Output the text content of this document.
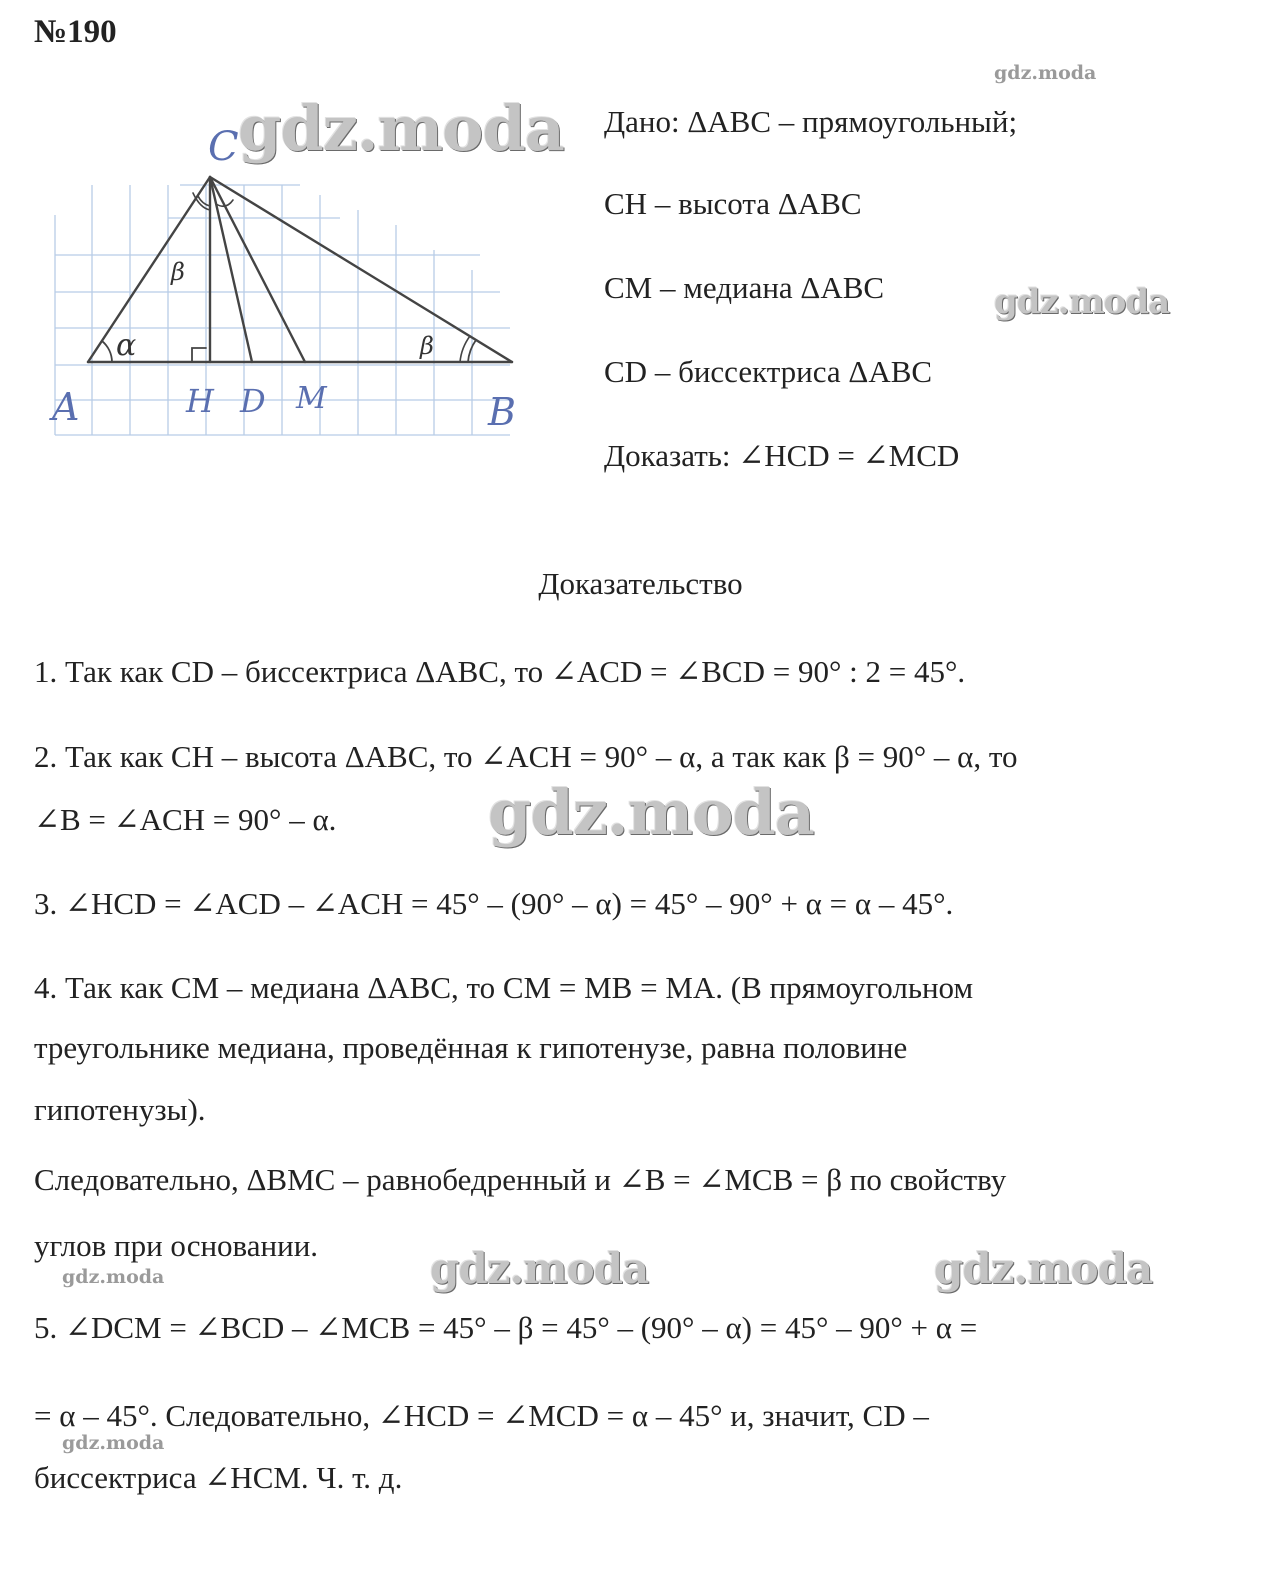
№190
C
A	H D M	B
α
β
β
Дано: ΔABC – прямоугольный;
CH – высота ΔABC
CM – медиана ΔABC
CD – биссектриса ΔABC
Доказать: ∠HCD = ∠MCD
Доказательство
1. Так как CD – биссектриса ΔABC, то ∠ACD = ∠BCD = 90° : 2 = 45°.
2. Так как CH – высота ΔABC, то ∠ACH = 90° – α, а так как β = 90° – α, то
∠B = ∠ACH = 90° – α.
3. ∠HCD = ∠ACD – ∠ACH = 45° – (90° – α) = 45° – 90° + α = α – 45°.
4. Так как CM – медиана ΔABC, то CM = MB = MA. (В прямоугольном
треугольнике медиана, проведённая к гипотенузе, равна половине
гипотенузы).
Следовательно, ΔBMC – равнобедренный и ∠B = ∠MCB = β по свойству
углов при основании.
5. ∠DCM = ∠BCD – ∠MCB = 45° – β = 45° – (90° – α) = 45° – 90° + α =
= α – 45°. Следовательно, ∠HCD = ∠MCD = α – 45° и, значит, CD –
биссектриса ∠HCM. Ч. т. д.
gdz.moda
gdz.moda
gdz.moda	gdz.moda
gdz.moda
gdz.moda
gdz.moda
gdz.moda
